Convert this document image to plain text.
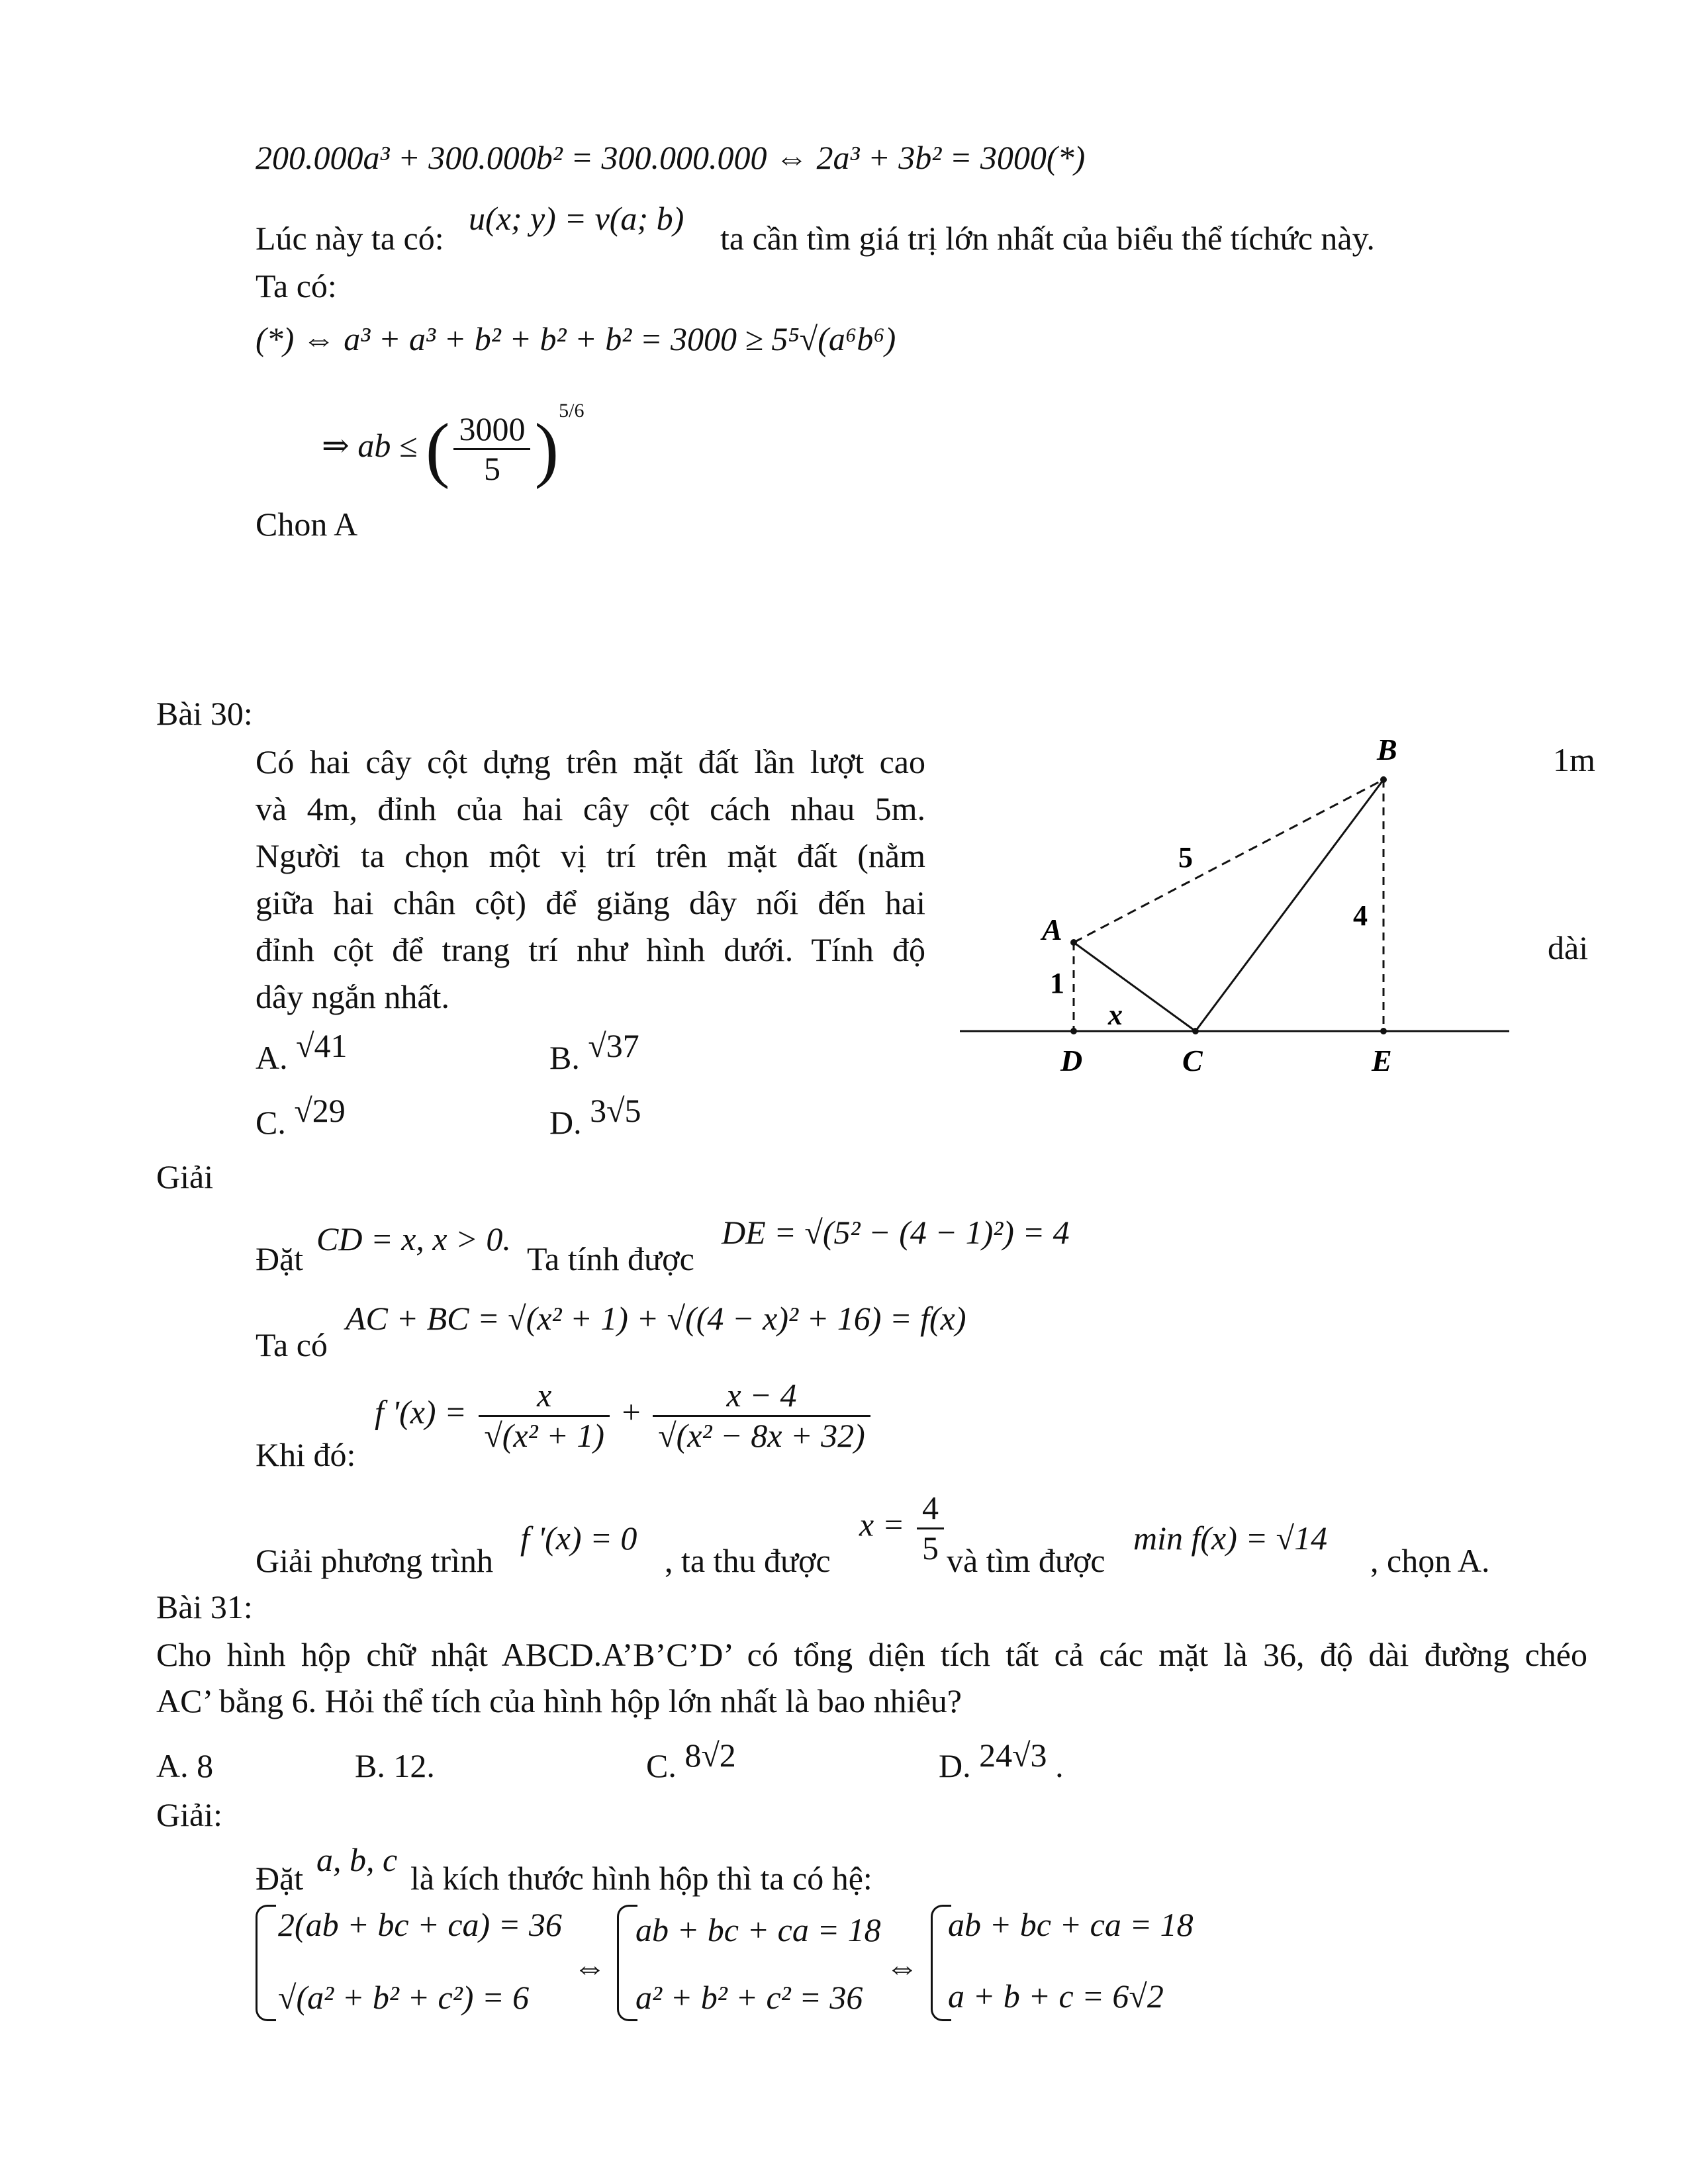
200.000a³ + 300.000b² = 300.000.000 ⇔ 2a³ + 3b² = 3000(*)
Lúc này ta có:
u(x; y) = v(a; b)
ta cần tìm giá trị lớn nhất của biểu thể tíchức này.
Ta có:
(*) ⇔ a³ + a³ + b² + b² + b² = 3000 ≥ 5⁵√(a⁶b⁶)
⇒ ab ≤ ( $\frac{3000}{5} )^{5/6}$
Chon A
Bài 30:
Có hai cây cột dựng trên mặt đất lần lượt cao
và 4m, đỉnh của hai cây cột cách nhau 5m.
Người ta chọn một vị trí trên mặt đất (nằm
giữa hai chân cột) để giăng dây nối đến hai
đỉnh cột để trang trí như hình dưới. Tính độ
dây ngắn nhất.
1m
dài
A. √41	B. √37
C. √29	D. 3√5
A
B
D	C	E
5
4
1
x
Giải
Đặt
CD = x, x > 0.
Ta tính được
DE = √(5² − (4 − 1)²) = 4
Ta có
AC + BC = √(x² + 1) + √((4 − x)² + 16) = f(x)
Khi đó:
f '$(x) = \frac{x}{\text{√(x² + 1)}} + \frac{x - 4}{\text{√(x² − 8x + 32)}}$
Giải phương trình
f '(x) = 0
, ta thu được
$x = \frac{4}{5}$ và tìm được
min f(x) = √14
, chọn A.
Bài 31:
Cho hình hộp chữ nhật ABCD.A’B’C’D’ có tổng diện tích tất cả các mặt là 36, độ dài đường chéo
AC’ bằng 6. Hỏi thể tích của hình hộp lớn nhất là bao nhiêu?
A. 8	B. 12.	C. 8√2	D. 24√3 .
Giải:
Đặt a, b, c là kích thước hình hộp thì ta có hệ:
2(ab + bc + ca) = 36
√(a² + b² + c²) = 6
⇔
ab + bc + ca = 18
a² + b² + c² = 36
⇔
ab + bc + ca = 18
a + b + c = 6√2
